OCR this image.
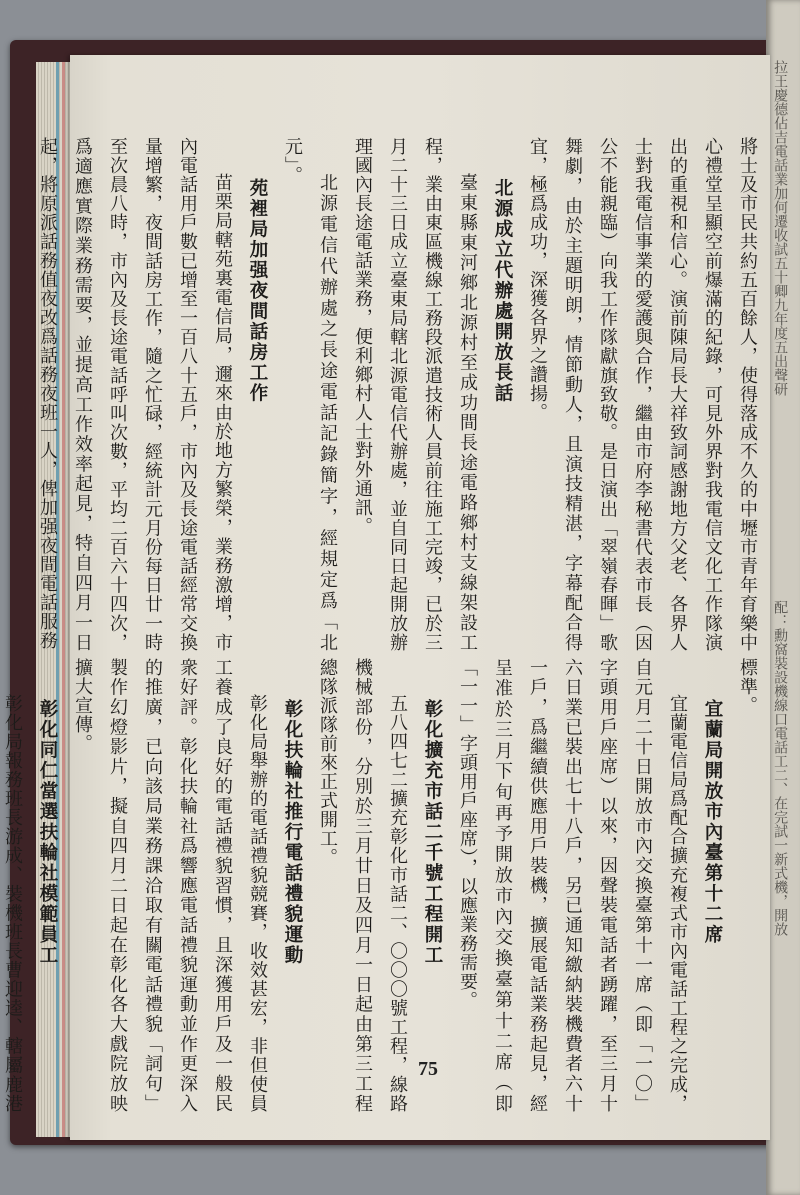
拉王慶德佔吉電話業加何遷收試五十卿九年度五出聲研
配：勳窩裝設機線口電話工二、在完試一新式機，開放

將士及市民共約五百餘人，使得落成不久的中壢市青年育樂中心禮堂呈顯空前爆滿的紀錄，可見外界對我電信文化工作隊演出的重視和信心。演前陳局長大祥致詞感謝地方父老、各界人士對我電信事業的愛護與合作，繼由市府李秘書代表市長（因公不能親臨）向我工作隊獻旗致敬。是日演出「翠嶺春暉」歌舞劇，由於主題明朗，情節動人，且演技精湛，字幕配合得宜，極爲成功，深獲各界之讚揚。

北源成立代辦處開放長話

臺東縣東河鄉北源村至成功間長途電路鄉村支線架設工程，業由東區機線工務段派遣技術人員前往施工完竣，已於三月二十三日成立臺東局轄北源電信代辦處，並自同日起開放辦理國內長途電話業務，便利鄉村人士對外通訊。

北源電信代辦處之長途電話記錄簡字，經規定爲「北元」。

苑裡局加强夜間話房工作

苗栗局轄苑裏電信局，邇來由於地方繁榮，業務激增，市內電話用戶數已增至一百八十五戶，市內及長途電話經常交換量增繁，夜間話房工作，隨之忙碌，經統計元月份每日廿一時至次晨八時，市內及長途電話呼叫次數，平均二百六十四次，爲適應實際業務需要，並提高工作效率起見，特自四月一日起，將原派話務值夜改爲話務夜班一人，俾加强夜間電話服務

標準。

宜蘭局開放市內臺第十二席

宜蘭電信局爲配合擴充複式市內電話工程之完成，自元月二十日開放市內交換臺第十一席（即「一〇」字頭用戶座席）以來，因聲裝電話者踴躍，至三月十六日業已裝出七十八戶，另已通知繳納裝機費者六十一戶，爲繼續供應用戶裝機，擴展電話業務起見，經呈准於三月下旬再予開放市內交換臺第十二席（即「一一」字頭用戶座席），以應業務需要。

彰化擴充市話二千號工程開工

五八四七二擴充彰化市話二、〇〇〇號工程，線路機械部份，分別於三月廿日及四月一日起由第三工程總隊派隊前來正式開工。

彰化扶輪社推行電話禮貌運動

彰化局舉辦的電話禮貌競賽，收效甚宏，非但使員工養成了良好的電話禮貌習慣，且深獲用戶及一般民衆好評。彰化扶輪社爲響應電話禮貌運動並作更深入的推廣，已向該局業務課洽取有關電話禮貌「詞句」製作幻燈影片，擬自四月二日起在彰化各大戲院放映擴大宣傳。

彰化同仁當選扶輪社模範員工

彰化局報務班長游成、裝機班長曹迎逵、轄屬鹿港

75
